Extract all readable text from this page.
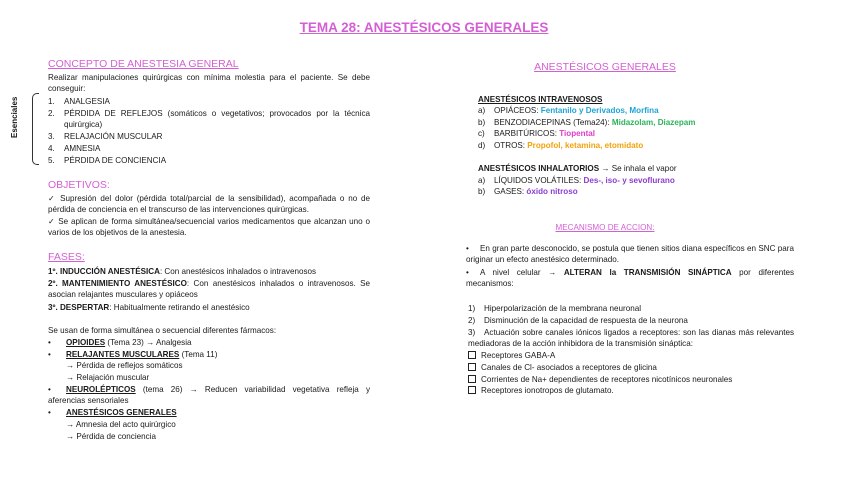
TEMA 28: ANESTÉSICOS GENERALES
CONCEPTO DE ANESTESIA GENERAL
Realizar manipulaciones quirúrgicas con mínima molestia para el paciente. Se debe conseguir:
Esenciales	1. ANALGESIA
2. PÉRDIDA DE REFLEJOS (somáticos o vegetativos; provocados por la técnica quirúrgica)
3. RELAJACIÓN MUSCULAR
4. AMNESIA
5. PÉRDIDA DE CONCIENCIA
OBJETIVOS:
✓ Supresión del dolor (pérdida total/parcial de la sensibilidad), acompañada o no de pérdida de conciencia en el transcurso de las intervenciones quirúrgicas.
✓ Se aplican de forma simultánea/secuencial varios medicamentos que alcanzan uno o varios de los objetivos de la anestesia.
FASES:
1º. INDUCCIÓN ANESTÉSICA: Con anestésicos inhalados o intravenosos
2º. MANTENIMIENTO ANESTÉSICO: Con anestésicos inhalados o intravenosos. Se asocian relajantes musculares y opiáceos
3º. DESPERTAR: Habitualmente retirando el anestésico
Se usan de forma simultánea o secuencial diferentes fármacos:
• OPIOIDES (Tema 23) → Analgesia
• RELAJANTES MUSCULARES (Tema 11)
→ Pérdida de reflejos somáticos
→ Relajación muscular
• NEUROLÉPTICOS (tema 26) → Reducen variabilidad vegetativa refleja y aferencias sensoriales
• ANESTÉSICOS GENERALES
→ Amnesia del acto quirúrgico
→ Pérdida de conciencia
ANESTÉSICOS GENERALES
ANESTÉSICOS INTRAVENOSOS
a) OPIÁCEOS: Fentanilo y Derivados, Morfina
b) BENZODIACEPINAS (Tema24): Midazolam, Diazepam
c) BARBITÚRICOS: Tiopental
d) OTROS: Propofol, ketamina, etomidato
ANESTÉSICOS INHALATORIOS → Se inhala el vapor
a) LÍQUIDOS VOLÁTILES: Des-, iso- y sevoflurano
b) GASES: óxido nitroso
MECANISMO DE ACCION:
• En gran parte desconocido, se postula que tienen sitios diana específicos en SNC para originar un efecto anestésico determinado.
• A nivel celular → ALTERAN la TRANSMISIÓN SINÁPTICA por diferentes mecanismos:
1) Hiperpolarización de la membrana neuronal
2) Disminución de la capacidad de respuesta de la neurona
3) Actuación sobre canales iónicos ligados a receptores: son las dianas más relevantes mediadoras de la acción inhibidora de la transmisión sináptica:
Receptores GABA-A
Canales de Cl- asociados a receptores de glicina
Corrientes de Na+ dependientes de receptores nicotínicos neuronales
Receptores ionotropos de glutamato.
